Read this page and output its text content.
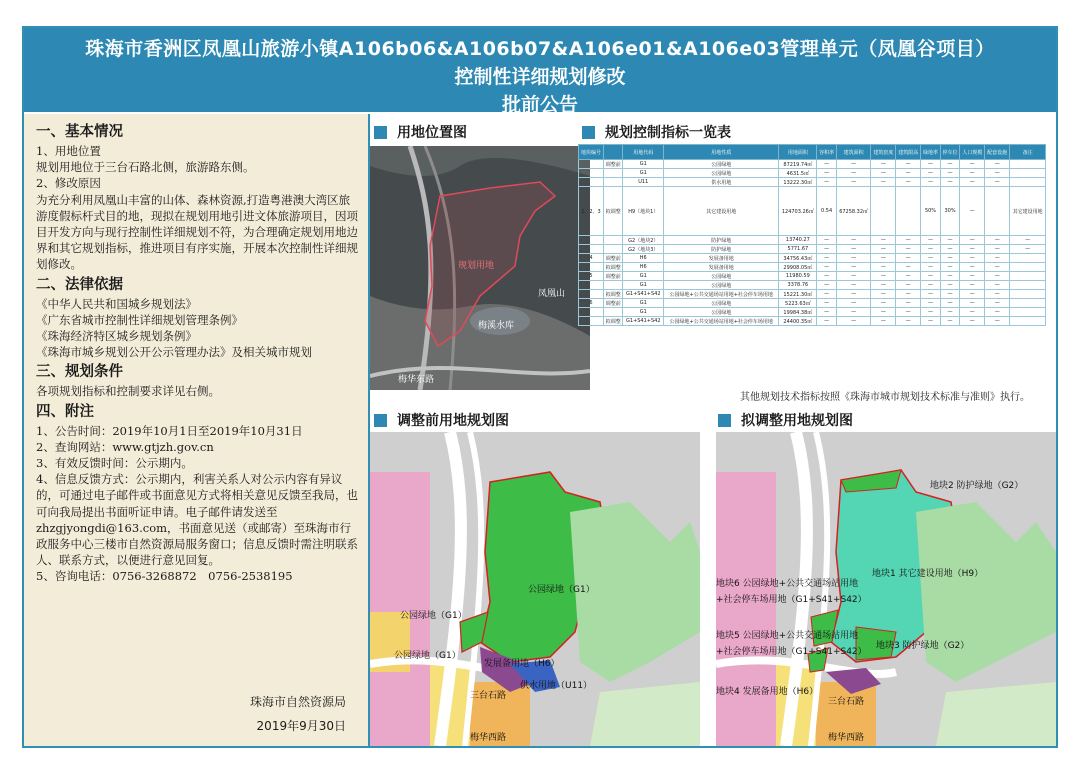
珠海市香洲区凤凰山旅游小镇A106b06&A106b07&A106e01&A106e03管理单元（凤凰谷项目）
控制性详细规划修改
批前公告
一、基本情况

1、用地位置

规划用地位于三台石路北侧，旅游路东侧。

2、修改原因

为充分利用凤凰山丰富的山体、森林资源,打造粤港澳大湾区旅游度假标杆式目的地，现拟在规划用地引进文体旅游项目，因项目开发方向与现行控制性详细规划不符，为合理确定规划用地边界和其它规划指标，推进项目有序实施，开展本次控制性详细规划修改。

二、法律依据

《中华人民共和国城乡规划法》

《广东省城市控制性详细规划管理条例》

《珠海经济特区城乡规划条例》

《珠海市城乡规划公开公示管理办法》及相关城市规划

三、规划条件

各项规划指标和控制要求详见右侧。

四、附注

1、公告时间：2019年10月1日至2019年10月31日

2、查询网站：www.gtjzh.gov.cn

3、有效反馈时间：公示期内。

4、信息反馈方式：公示期内，利害关系人对公示内容有异议的，可通过电子邮件或书面意见方式将相关意见反馈至我局，也可向我局提出书面听证申请。电子邮件请发送至zhzgjyongdi@163.com，书面意见送（或邮寄）至珠海市行政服务中心三楼市自然资源局服务窗口；信息反馈时需注明联系人、联系方式，以便进行意见回复。

5、咨询电话：0756-3268872　0756-2538195

珠海市自然资源局
2019年9月30日
用地位置图	规划控制指标一览表
规划用地
凤凰山
梅溪水库
梅华东路
地块编号		用地代码	用地性质	用地面积	容积率	建筑面积	建筑密度	建筑限高	绿地率	停车位	人口规模	配套设施	备注
	调整前	G1	公园绿地	87219.74㎡	—	—	—	—	—	—	—	—	
		G1	公园绿地	4631.5㎡	—	—	—	—	—	—	—	—	
		U11	供水用地	13222.30㎡	—	—	—	—	—	—	—	—	
1、2、3	拟调整	H9（地块1）	其它建设用地	124703.26㎡	0.54	67258.32㎡			50%	30%	—		其它建设用地
		G2（地块2）	防护绿地	13740.27	—	—	—	—	—	—	—	—	—
		G2（地块3）	防护绿地	5771.67	—	—	—	—	—	—	—	—	—
4	调整前	H6	发展备用地	34756.43㎡	—	—	—	—	—	—	—	—	
	拟调整	H6	发展备用地	29908.05㎡	—	—	—	—	—	—	—	—	
5	调整前	G1	公园绿地	11980.59	—	—	—	—	—	—	—	—	
		G1	公园绿地	3378.76	—	—	—	—	—	—	—	—	
	拟调整	G1+S41+S42	公园绿地+公共交通场站用地+社会停车场用地	15221.30㎡	—	—	—	—	—	—	—	—	
6	调整前	G1	公园绿地	5223.63㎡	—	—	—	—	—	—	—	—	
		G1	公园绿地	19984.38㎡	—	—	—	—	—	—	—	—	
	拟调整	G1+S41+S42	公园绿地+公共交通场站用地+社会停车场用地	24400.35㎡	—	—	—	—	—	—	—	—	
其他规划技术指标按照《珠海市城市规划技术标准与准则》执行。
调整前用地规划图	拟调整用地规划图
公园绿地（G1）
公园绿地（G1）
公园绿地（G1）
发展备用地（H6）
供水用地（U11）
三台石路
梅华西路
地块2 防护绿地（G2）
地块1 其它建设用地（H9）
地块6 公园绿地+公共交通场站用地
+社会停车场用地（G1+S41+S42）
地块5 公园绿地+公共交通场站用地
+社会停车场用地（G1+S41+S42）
地块3 防护绿地（G2）
地块4 发展备用地（H6）
三台石路
梅华西路
